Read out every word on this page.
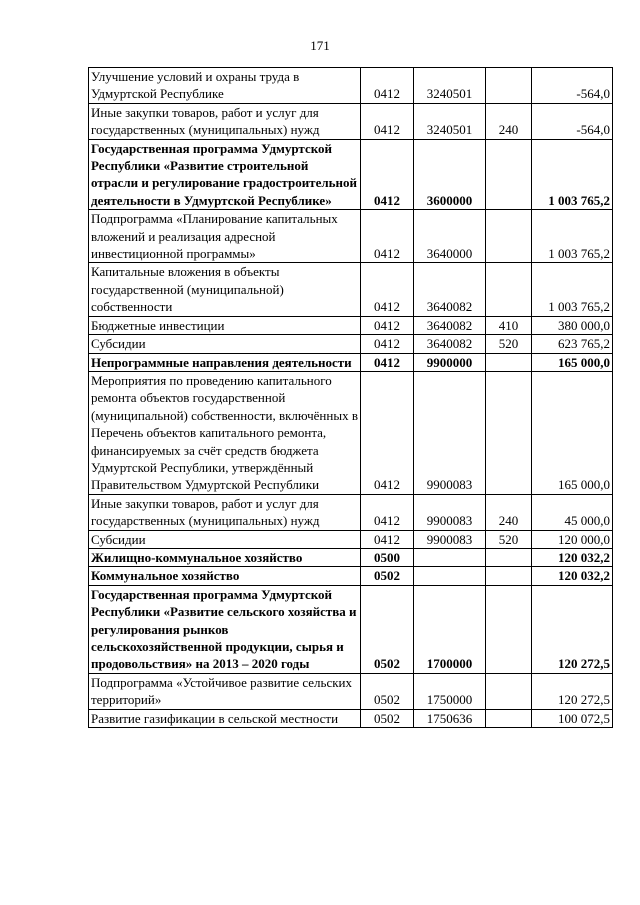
171
Улучшение условий и охраны труда в Удмуртской Республике	0412	3240501		-564,0
Иные закупки товаров, работ и услуг для государственных (муниципальных) нужд	0412	3240501	240	-564,0
Государственная программа Удмуртской Республики «Развитие строительной отрасли и регулирование градостроительной деятельности в Удмуртской Республике»	0412	3600000		1 003 765,2
Подпрограмма «Планирование капитальных вложений и реализация адресной инвестиционной программы»	0412	3640000		1 003 765,2
Капитальные вложения в объекты государственной (муниципальной) собственности	0412	3640082		1 003 765,2
Бюджетные инвестиции	0412	3640082	410	380 000,0
Субсидии	0412	3640082	520	623 765,2
Непрограммные направления деятельности	0412	9900000		165 000,0
Мероприятия по проведению капитального ремонта объектов государственной (муниципальной) собственности, включённых в Перечень объектов капитального ремонта, финансируемых за счёт средств бюджета Удмуртской Республики, утверждённый Правительством Удмуртской Республики	0412	9900083		165 000,0
Иные закупки товаров, работ и услуг для государственных (муниципальных) нужд	0412	9900083	240	45 000,0
Субсидии	0412	9900083	520	120 000,0
Жилищно-коммунальное хозяйство	0500			120 032,2
Коммунальное хозяйство	0502			120 032,2
Государственная программа Удмуртской Республики «Развитие сельского хозяйства и регулирования рынков сельскохозяйственной продукции, сырья и продовольствия» на 2013 – 2020 годы	0502	1700000		120 272,5
Подпрограмма «Устойчивое развитие сельских территорий»	0502	1750000		120 272,5
Развитие газификации в сельской местности	0502	1750636		100 072,5
